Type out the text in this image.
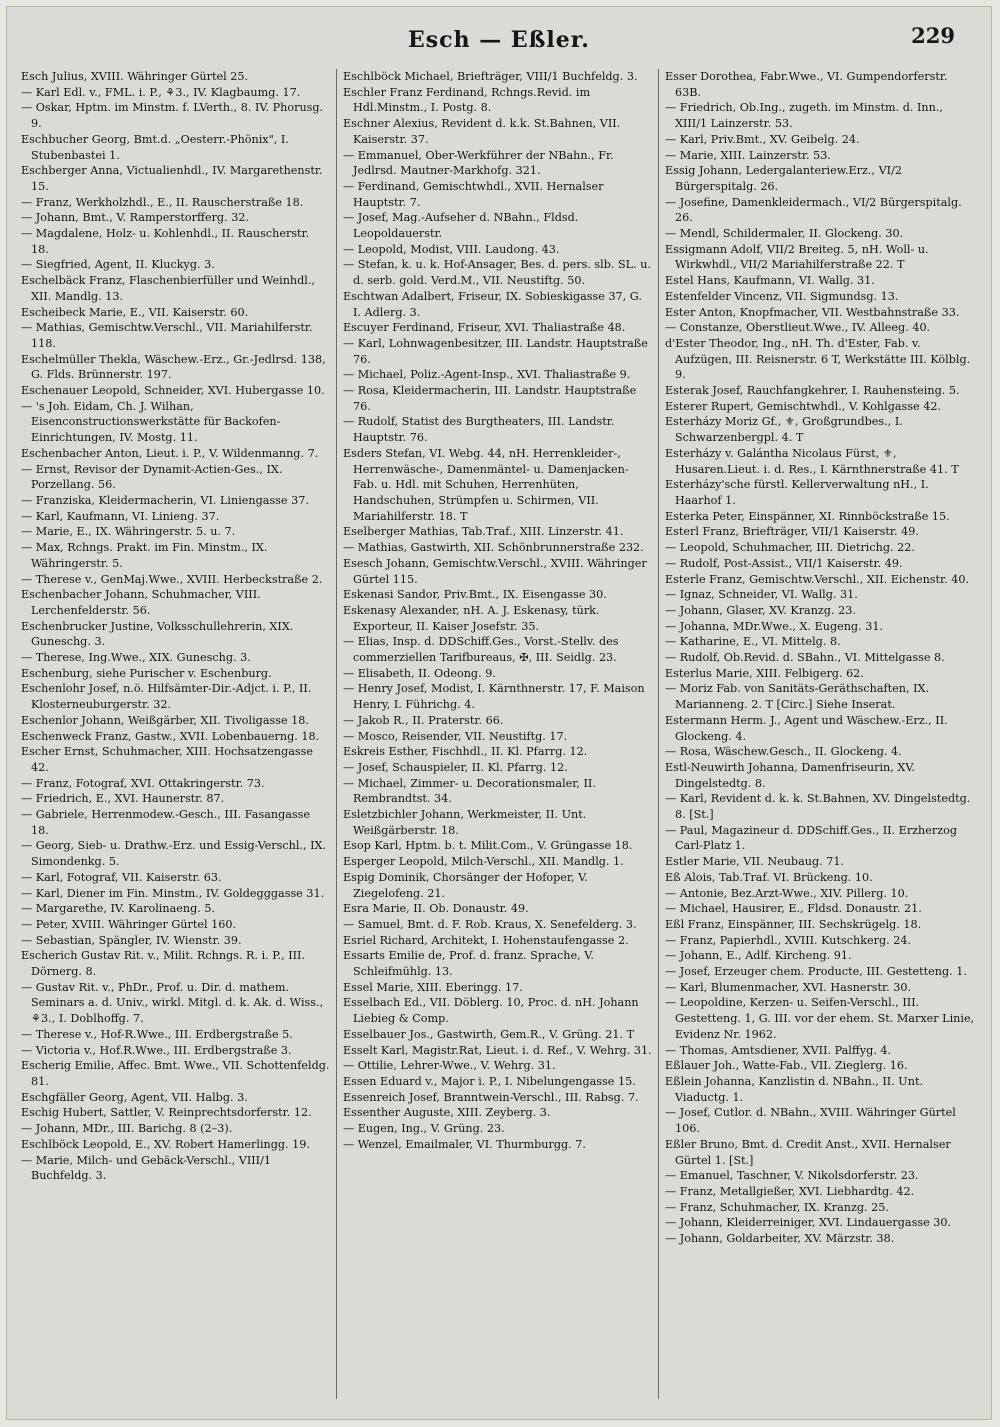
Esch — Eßler.	229

Esch Julius, XVIII. Währinger Gürtel 25.

— Karl Edl. v., FML. i. P., ⚘3., IV. Klagbaumg. 17.

— Oskar, Hptm. im Minstm. f. LVerth., 8. IV. Phorusg. 9.

Eschbucher Georg, Bmt.d. „Oesterr.-Phönix", I. Stubenbastei 1.

Eschberger Anna, Victualienhdl., IV. Margarethenstr. 15.

— Franz, Werkholzhdl., E., II. Rauscherstraße 18.

— Johann, Bmt., V. Ramperstorfferg. 32.

— Magdalene, Holz- u. Kohlenhdl., II. Rauscherstr. 18.

— Siegfried, Agent, II. Kluckyg. 3.

Eschelbäck Franz, Flaschenbierfüller und Weinhdl., XII. Mandlg. 13.

Escheibeck Marie, E., VII. Kaiserstr. 60.

— Mathias, Gemischtw.Verschl., VII. Mariahilferstr. 118.

Eschelmüller Thekla, Wäschew.-Erz., Gr.-Jedlrsd. 138, G. Flds. Brünnerstr. 197.

Eschenauer Leopold, Schneider, XVI. Hubergasse 10.

— 's Joh. Eidam, Ch. J. Wilhan, Eisenconstructionswerkstätte für Backofen-Einrichtungen, IV. Mostg. 11.

Eschenbacher Anton, Lieut. i. P., V. Wildenmanng. 7.

— Ernst, Revisor der Dynamit-Actien-Ges., IX. Porzellang. 56.

— Franziska, Kleidermacherin, VI. Liniengasse 37.

— Karl, Kaufmann, VI. Linieng. 37.

— Marie, E., IX. Währingerstr. 5. u. 7.

— Max, Rchngs. Prakt. im Fin. Minstm., IX. Währingerstr. 5.

— Therese v., GenMaj.Wwe., XVIII. Herbeckstraße 2.

Eschenbacher Johann, Schuhmacher, VIII. Lerchenfelderstr. 56.

Eschenbrucker Justine, Volksschullehrerin, XIX. Guneschg. 3.

— Therese, Ing.Wwe., XIX. Guneschg. 3.

Eschenburg, siehe Purischer v. Eschenburg.

Eschenlohr Josef, n.ö. Hilfsämter-Dir.-Adjct. i. P., II. Klosterneuburgerstr. 32.

Eschenlor Johann, Weißgärber, XII. Tivoligasse 18.

Eschenweck Franz, Gastw., XVII. Lobenbauerng. 18.

Escher Ernst, Schuhmacher, XIII. Hochsatzengasse 42.

— Franz, Fotograf, XVI. Ottakringerstr. 73.

— Friedrich, E., XVI. Haunerstr. 87.

— Gabriele, Herrenmodew.-Gesch., III. Fasangasse 18.

— Georg, Sieb- u. Drathw.-Erz. und Essig-Verschl., IX. Simondenkg. 5.

— Karl, Fotograf, VII. Kaiserstr. 63.

— Karl, Diener im Fin. Minstm., IV. Goldegggasse 31.

— Margarethe, IV. Karolinaeng. 5.

— Peter, XVIII. Währinger Gürtel 160.

— Sebastian, Spängler, IV. Wienstr. 39.

Escherich Gustav Rit. v., Milit. Rchngs. R. i. P., III. Dörnerg. 8.

— Gustav Rit. v., PhDr., Prof. u. Dir. d. mathem. Seminars a. d. Univ., wirkl. Mitgl. d. k. Ak. d. Wiss., ⚘3., I. Doblhoffg. 7.

— Therese v., Hof-R.Wwe., III. Erdbergstraße 5.

— Victoria v., Hof.R.Wwe., III. Erdbergstraße 3.

Escherig Emilie, Affec. Bmt. Wwe., VII. Schottenfeldg. 81.

Eschgfäller Georg, Agent, VII. Halbg. 3.

Eschig Hubert, Sattler, V. Reinprechtsdorferstr. 12.

— Johann, MDr., III. Barichg. 8 (2–3).

Eschlböck Leopold, E., XV. Robert Hamerlingg. 19.

— Marie, Milch- und Gebäck-Verschl., VIII/1 Buchfeldg. 3.

Eschlböck Michael, Briefträger, VIII/1 Buchfeldg. 3.

Eschler Franz Ferdinand, Rchngs.Revid. im Hdl.Minstm., I. Postg. 8.

Eschner Alexius, Revident d. k.k. St.Bahnen, VII. Kaiserstr. 37.

— Emmanuel, Ober-Werkführer der NBahn., Fr. Jedlrsd. Mautner-Markhofg. 321.

— Ferdinand, Gemischtwhdl., XVII. Hernalser Hauptstr. 7.

— Josef, Mag.-Aufseher d. NBahn., Fldsd. Leopoldauerstr.

— Leopold, Modist, VIII. Laudong. 43.

— Stefan, k. u. k. Hof-Ansager, Bes. d. pers. slb. SL. u. d. serb. gold. Verd.M., VII. Neustiftg. 50.

Eschtwan Adalbert, Friseur, IX. Sobieskigasse 37, G. I. Adlerg. 3.

Escuyer Ferdinand, Friseur, XVI. Thaliastraße 48.

— Karl, Lohnwagenbesitzer, III. Landstr. Hauptstraße 76.

— Michael, Poliz.-Agent-Insp., XVI. Thaliastraße 9.

— Rosa, Kleidermacherin, III. Landstr. Hauptstraße 76.

— Rudolf, Statist des Burgtheaters, III. Landstr. Hauptstr. 76.

Esders Stefan, VI. Webg. 44, nH. Herrenkleider-, Herrenwäsche-, Damenmäntel- u. Damenjacken-Fab. u. Hdl. mit Schuhen, Herrenhüten, Handschuhen, Strümpfen u. Schirmen, VII. Mariahilferstr. 18. T

Eselberger Mathias, Tab.Traf., XIII. Linzerstr. 41.

— Mathias, Gastwirth, XII. Schönbrunnerstraße 232.

Esesch Johann, Gemischtw.Verschl., XVIII. Währinger Gürtel 115.

Eskenasi Sandor, Priv.Bmt., IX. Eisengasse 30.

Eskenasy Alexander, nH. A. J. Eskenasy, türk. Exporteur, II. Kaiser Josefstr. 35.

— Elias, Insp. d. DDSchiff.Ges., Vorst.-Stellv. des commerziellen Tarifbureaus, ✠, III. Seidlg. 23.

— Elisabeth, II. Odeong. 9.

— Henry Josef, Modist, I. Kärnthnerstr. 17, F. Maison Henry, I. Führichg. 4.

— Jakob R., II. Praterstr. 66.

— Mosco, Reisender, VII. Neustiftg. 17.

Eskreis Esther, Fischhdl., II. Kl. Pfarrg. 12.

— Josef, Schauspieler, II. Kl. Pfarrg. 12.

— Michael, Zimmer- u. Decorationsmaler, II. Rembrandtst. 34.

Esletzbichler Johann, Werkmeister, II. Unt. Weißgärberstr. 18.

Esop Karl, Hptm. b. t. Milit.Com., V. Grüngasse 18.

Esperger Leopold, Milch-Verschl., XII. Mandlg. 1.

Espig Dominik, Chorsänger der Hofoper, V. Ziegelofeng. 21.

Esra Marie, II. Ob. Donaustr. 49.

— Samuel, Bmt. d. F. Rob. Kraus, X. Senefelderg. 3.

Esriel Richard, Architekt, I. Hohenstaufengasse 2.

Essarts Emilie de, Prof. d. franz. Sprache, V. Schleifmühlg. 13.

Essel Marie, XIII. Eberingg. 17.

Esselbach Ed., VII. Döblerg. 10, Proc. d. nH. Johann Liebieg & Comp.

Esselbauer Jos., Gastwirth, Gem.R., V. Grüng. 21. T

Esselt Karl, Magistr.Rat, Lieut. i. d. Ref., V. Wehrg. 31.

— Ottilie, Lehrer-Wwe., V. Wehrg. 31.

Essen Eduard v., Major i. P., I. Nibelungengasse 15.

Essenreich Josef, Branntwein-Verschl., III. Rabsg. 7.

Essenther Auguste, XIII. Zeyberg. 3.

— Eugen, Ing., V. Grüng. 23.

— Wenzel, Emailmaler, VI. Thurmburgg. 7.

Esser Dorothea, Fabr.Wwe., VI. Gumpendorferstr. 63B.

— Friedrich, Ob.Ing., zugeth. im Minstm. d. Inn., XIII/1 Lainzerstr. 53.

— Karl, Priv.Bmt., XV. Geibelg. 24.

— Marie, XIII. Lainzerstr. 53.

Essig Johann, Ledergalanteriew.Erz., VI/2 Bürgerspitalg. 26.

— Josefine, Damenkleidermach., VI/2 Bürgerspitalg. 26.

— Mendl, Schildermaler, II. Glockeng. 30.

Essigmann Adolf, VII/2 Breiteg. 5, nH. Woll- u. Wirkwhdl., VII/2 Mariahilferstraße 22. T

Estel Hans, Kaufmann, VI. Wallg. 31.

Estenfelder Vincenz, VII. Sigmundsg. 13.

Ester Anton, Knopfmacher, VII. Westbahnstraße 33.

— Constanze, Oberstlieut.Wwe., IV. Alleeg. 40.

d'Ester Theodor, Ing., nH. Th. d'Ester, Fab. v. Aufzügen, III. Reisnerstr. 6 T, Werkstätte III. Kölblg. 9.

Esterak Josef, Rauchfangkehrer, I. Rauhensteing. 5.

Esterer Rupert, Gemischtwhdl., V. Kohlgasse 42.

Esterházy Moriz Gf., ⚜, Großgrundbes., I. Schwarzenbergpl. 4. T

Esterházy v. Galántha Nicolaus Fürst, ⚜, Husaren.Lieut. i. d. Res., I. Kärnthnerstraße 41. T

Esterházy'sche fürstl. Kellerverwaltung nH., I. Haarhof 1.

Esterka Peter, Einspänner, XI. Rinnböckstraße 15.

Esterl Franz, Briefträger, VII/1 Kaiserstr. 49.

— Leopold, Schuhmacher, III. Dietrichg. 22.

— Rudolf, Post-Assist., VII/1 Kaiserstr. 49.

Esterle Franz, Gemischtw.Verschl., XII. Eichenstr. 40.

— Ignaz, Schneider, VI. Wallg. 31.

— Johann, Glaser, XV. Kranzg. 23.

— Johanna, MDr.Wwe., X. Eugeng. 31.

— Katharine, E., VI. Mittelg. 8.

— Rudolf, Ob.Revid. d. SBahn., VI. Mittelgasse 8.

Esterlus Marie, XIII. Felbigerg. 62.

— Moriz Fab. von Sanitäts-Geräthschaften, IX. Marianneng. 2. T [Circ.] Siehe Inserat.

Estermann Herm. J., Agent und Wäschew.-Erz., II. Glockeng. 4.

— Rosa, Wäschew.Gesch., II. Glockeng. 4.

Estl-Neuwirth Johanna, Damenfriseurin, XV. Dingelstedtg. 8.

— Karl, Revident d. k. k. St.Bahnen, XV. Dingelstedtg. 8. [St.]

— Paul, Magazineur d. DDSchiff.Ges., II. Erzherzog Carl-Platz 1.

Estler Marie, VII. Neubaug. 71.

Eß Alois, Tab.Traf. VI. Brückeng. 10.

— Antonie, Bez.Arzt-Wwe., XIV. Pillerg. 10.

— Michael, Hausirer, E., Fldsd. Donaustr. 21.

Eßl Franz, Einspänner, III. Sechskrügelg. 18.

— Franz, Papierhdl., XVIII. Kutschkerg. 24.

— Johann, E., Adlf. Kircheng. 91.

— Josef, Erzeuger chem. Producte, III. Gestetteng. 1.

— Karl, Blumenmacher, XVI. Hasnerstr. 30.

— Leopoldine, Kerzen- u. Seifen-Verschl., III. Gestetteng. 1, G. III. vor der ehem. St. Marxer Linie, Evidenz Nr. 1962.

— Thomas, Amtsdiener, XVII. Palffyg. 4.

Eßlauer Joh., Watte-Fab., VII. Zieglerg. 16.

Eßlein Johanna, Kanzlistin d. NBahn., II. Unt. Viaductg. 1.

— Josef, Cutlor. d. NBahn., XVIII. Währinger Gürtel 106.

Eßler Bruno, Bmt. d. Credit Anst., XVII. Hernalser Gürtel 1. [St.]

— Emanuel, Taschner, V. Nikolsdorferstr. 23.

— Franz, Metallgießer, XVI. Liebhardtg. 42.

— Franz, Schuhmacher, IX. Kranzg. 25.

— Johann, Kleiderreiniger, XVI. Lindauergasse 30.

— Johann, Goldarbeiter, XV. Märzstr. 38.
